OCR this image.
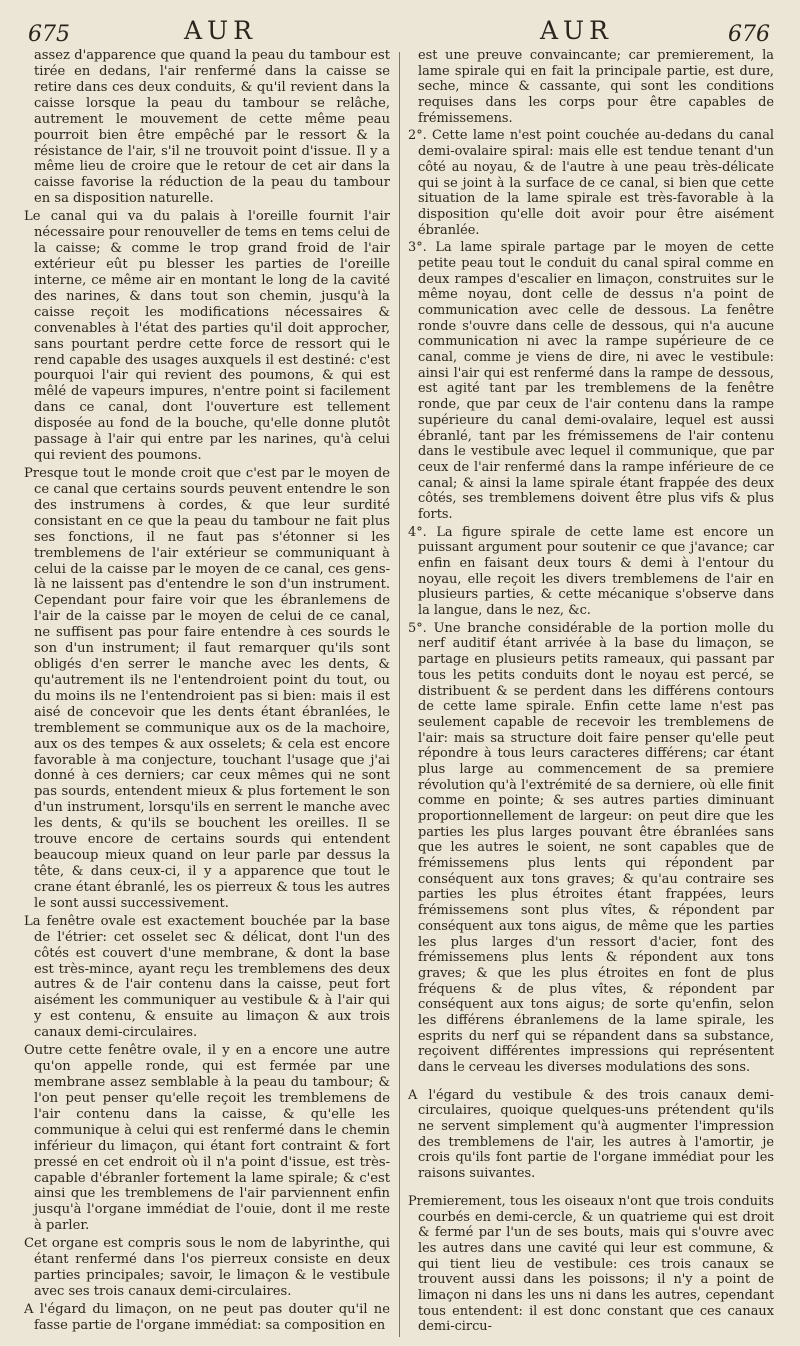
675	AUR	AUR	676

assez d'apparence que quand la peau du tambour est tirée en dedans, l'air renfermé dans la caisse se retire dans ces deux conduits, & qu'il revient dans la caisse lorsque la peau du tambour se relâche, autrement le mouvement de cette même peau pourroit bien être empêché par le ressort & la résistance de l'air, s'il ne trouvoit point d'issue. Il y a même lieu de croire que le retour de cet air dans la caisse favorise la réduction de la peau du tambour en sa disposition naturelle.

Le canal qui va du palais à l'oreille fournit l'air nécessaire pour renouveller de tems en tems celui de la caisse; & comme le trop grand froid de l'air extérieur eût pu blesser les parties de l'oreille interne, ce même air en montant le long de la cavité des narines, & dans tout son chemin, jusqu'à la caisse reçoit les modifications nécessaires & convenables à l'état des parties qu'il doit approcher, sans pourtant perdre cette force de ressort qui le rend capable des usages auxquels il est destiné: c'est pourquoi l'air qui revient des poumons, & qui est mêlé de vapeurs impures, n'entre point si facilement dans ce canal, dont l'ouverture est tellement disposée au fond de la bouche, qu'elle donne plutôt passage à l'air qui entre par les narines, qu'à celui qui revient des poumons.

Presque tout le monde croit que c'est par le moyen de ce canal que certains sourds peuvent entendre le son des instrumens à cordes, & que leur surdité consistant en ce que la peau du tambour ne fait plus ses fonctions, il ne faut pas s'étonner si les tremblemens de l'air extérieur se communiquant à celui de la caisse par le moyen de ce canal, ces gens-là ne laissent pas d'entendre le son d'un instrument. Cependant pour faire voir que les ébranlemens de l'air de la caisse par le moyen de celui de ce canal, ne suffisent pas pour faire entendre à ces sourds le son d'un instrument; il faut remarquer qu'ils sont obligés d'en serrer le manche avec les dents, & qu'autrement ils ne l'entendroient point du tout, ou du moins ils ne l'entendroient pas si bien: mais il est aisé de concevoir que les dents étant ébranlées, le tremblement se communique aux os de la machoire, aux os des tempes & aux osselets; & cela est encore favorable à ma conjecture, touchant l'usage que j'ai donné à ces derniers; car ceux mêmes qui ne sont pas sourds, entendent mieux & plus fortement le son d'un instrument, lorsqu'ils en serrent le manche avec les dents, & qu'ils se bouchent les oreilles. Il se trouve encore de certains sourds qui entendent beaucoup mieux quand on leur parle par dessus la tête, & dans ceux-ci, il y a apparence que tout le crane étant ébranlé, les os pierreux & tous les autres le sont aussi successivement.

La fenêtre ovale est exactement bouchée par la base de l'étrier: cet osselet sec & délicat, dont l'un des côtés est couvert d'une membrane, & dont la base est très-mince, ayant reçu les tremblemens des deux autres & de l'air contenu dans la caisse, peut fort aisément les communiquer au vestibule & à l'air qui y est contenu, & ensuite au limaçon & aux trois canaux demi-circulaires.

Outre cette fenêtre ovale, il y en a encore une autre qu'on appelle ronde, qui est fermée par une membrane assez semblable à la peau du tambour; & l'on peut penser qu'elle reçoit les tremblemens de l'air contenu dans la caisse, & qu'elle les communique à celui qui est renfermé dans le chemin inférieur du limaçon, qui étant fort contraint & fort pressé en cet endroit où il n'a point d'issue, est très-capable d'ébranler fortement la lame spirale; & c'est ainsi que les tremblemens de l'air parviennent enfin jusqu'à l'organe immédiat de l'ouie, dont il me reste à parler.

Cet organe est compris sous le nom de labyrinthe, qui étant renfermé dans l'os pierreux consiste en deux parties principales; savoir, le limaçon & le vestibule avec ses trois canaux demi-circulaires.

A l'égard du limaçon, on ne peut pas douter qu'il ne fasse partie de l'organe immédiat: sa composition en

est une preuve convaincante; car premierement, la lame spirale qui en fait la principale partie, est dure, seche, mince & cassante, qui sont les conditions requises dans les corps pour être capables de frémissemens.

2°. Cette lame n'est point couchée au-dedans du canal demi-ovalaire spiral: mais elle est tendue tenant d'un côté au noyau, & de l'autre à une peau très-délicate qui se joint à la surface de ce canal, si bien que cette situation de la lame spirale est très-favorable à la disposition qu'elle doit avoir pour être aisément ébranlée.

3°. La lame spirale partage par le moyen de cette petite peau tout le conduit du canal spiral comme en deux rampes d'escalier en limaçon, construites sur le même noyau, dont celle de dessus n'a point de communication avec celle de dessous. La fenêtre ronde s'ouvre dans celle de dessous, qui n'a aucune communication ni avec la rampe supérieure de ce canal, comme je viens de dire, ni avec le vestibule: ainsi l'air qui est renfermé dans la rampe de dessous, est agité tant par les tremblemens de la fenêtre ronde, que par ceux de l'air contenu dans la rampe supérieure du canal demi-ovalaire, lequel est aussi ébranlé, tant par les frémissemens de l'air contenu dans le vestibule avec lequel il communique, que par ceux de l'air renfermé dans la rampe inférieure de ce canal; & ainsi la lame spirale étant frappée des deux côtés, ses tremblemens doivent être plus vifs & plus forts.

4°. La figure spirale de cette lame est encore un puissant argument pour soutenir ce que j'avance; car enfin en faisant deux tours & demi à l'entour du noyau, elle reçoit les divers tremblemens de l'air en plusieurs parties, & cette mécanique s'observe dans la langue, dans le nez, &c.

5°. Une branche considérable de la portion molle du nerf auditif étant arrivée à la base du limaçon, se partage en plusieurs petits rameaux, qui passant par tous les petits conduits dont le noyau est percé, se distribuent & se perdent dans les différens contours de cette lame spirale. Enfin cette lame n'est pas seulement capable de recevoir les tremblemens de l'air: mais sa structure doit faire penser qu'elle peut répondre à tous leurs caracteres différens; car étant plus large au commencement de sa premiere révolution qu'à l'extrémité de sa derniere, où elle finit comme en pointe; & ses autres parties diminuant proportionnellement de largeur: on peut dire que les parties les plus larges pouvant être ébranlées sans que les autres le soient, ne sont capables que de frémissemens plus lents qui répondent par conséquent aux tons graves; & qu'au contraire ses parties les plus étroites étant frappées, leurs frémissemens sont plus vîtes, & répondent par conséquent aux tons aigus, de même que les parties les plus larges d'un ressort d'acier, font des frémissemens plus lents & répondent aux tons graves; & que les plus étroites en font de plus fréquens & de plus vîtes, & répondent par conséquent aux tons aigus; de sorte qu'enfin, selon les différens ébranlemens de la lame spirale, les esprits du nerf qui se répandent dans sa substance, reçoivent différentes impressions qui représentent dans le cerveau les diverses modulations des sons.

A l'égard du vestibule & des trois canaux demi-circulaires, quoique quelques-uns prétendent qu'ils ne servent simplement qu'à augmenter l'impression des tremblemens de l'air, les autres à l'amortir, je crois qu'ils font partie de l'organe immédiat pour les raisons suivantes.

Premierement, tous les oiseaux n'ont que trois conduits courbés en demi-cercle, & un quatrieme qui est droit & fermé par l'un de ses bouts, mais qui s'ouvre avec les autres dans une cavité qui leur est commune, & qui tient lieu de vestibule: ces trois canaux se trouvent aussi dans les poissons; il n'y a point de limaçon ni dans les uns ni dans les autres, cependant tous entendent: il est donc constant que ces canaux demi-circu-
